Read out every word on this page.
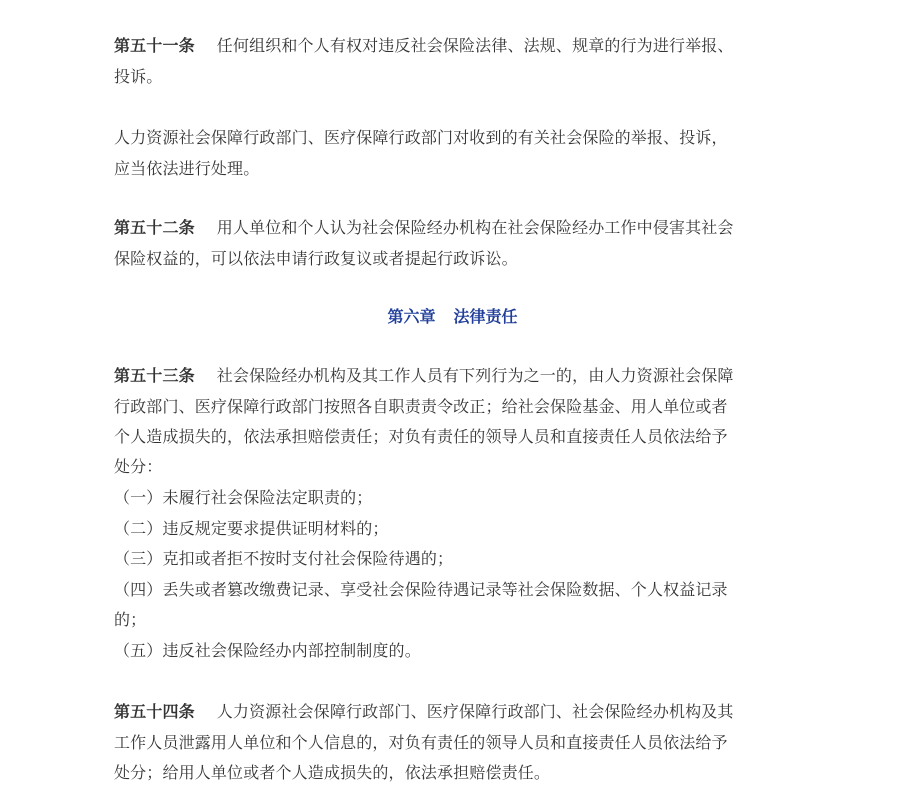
第五十一条 任何组织和个人有权对违反社会保险法律、法规、规章的行为进行举报、
投诉。
人力资源社会保障行政部门、医疗保障行政部门对收到的有关社会保险的举报、投诉，
应当依法进行处理。
第五十二条 用人单位和个人认为社会保险经办机构在社会保险经办工作中侵害其社会
保险权益的，可以依法申请行政复议或者提起行政诉讼。
第六章 法律责任
第五十三条 社会保险经办机构及其工作人员有下列行为之一的，由人力资源社会保障
行政部门、医疗保障行政部门按照各自职责责令改正；给社会保险基金、用人单位或者
个人造成损失的，依法承担赔偿责任；对负有责任的领导人员和直接责任人员依法给予
处分：
（一）未履行社会保险法定职责的；
（二）违反规定要求提供证明材料的；
（三）克扣或者拒不按时支付社会保险待遇的；
（四）丢失或者篡改缴费记录、享受社会保险待遇记录等社会保险数据、个人权益记录
的；
（五）违反社会保险经办内部控制制度的。
第五十四条 人力资源社会保障行政部门、医疗保障行政部门、社会保险经办机构及其
工作人员泄露用人单位和个人信息的，对负有责任的领导人员和直接责任人员依法给予
处分；给用人单位或者个人造成损失的，依法承担赔偿责任。
